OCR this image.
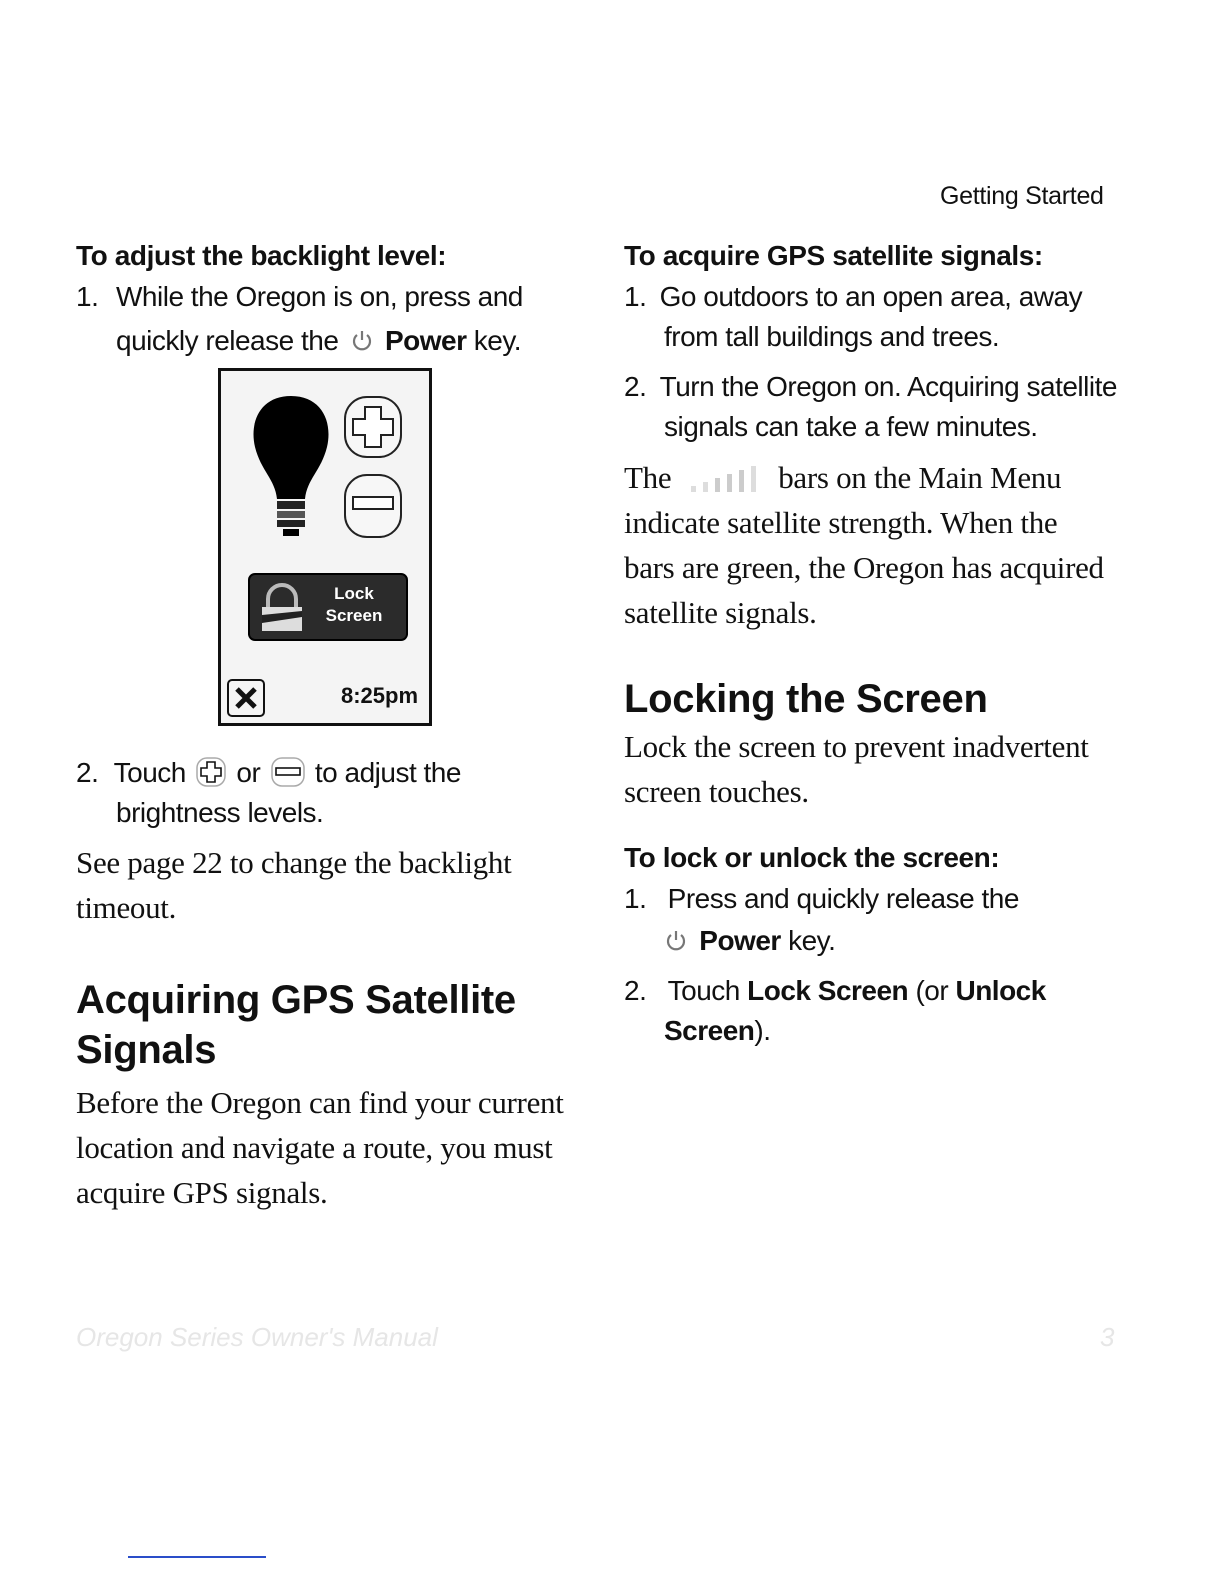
Getting Started
To adjust the backlight level:
1. While the Oregon is on, press and
quickly release the Power key.
Lock
Screen
8:25pm
2. Touch or to adjust the
brightness levels.
See page 22 to change the backlight
timeout.
Acquiring GPS Satellite
Signals
Before the Oregon can find your current
location and navigate a route, you must
acquire GPS signals.
To acquire GPS satellite signals:
1. Go outdoors to an open area, away
from tall buildings and trees.
2. Turn the Oregon on. Acquiring satellite
signals can take a few minutes.
The	bars on the Main Menu
indicate satellite strength. When the
bars are green, the Oregon has acquired
satellite signals.
Locking the Screen
Lock the screen to prevent inadvertent
screen touches.
To lock or unlock the screen:
1. Press and quickly release the
Power key.
2. Touch Lock Screen (or Unlock
Screen).
Oregon Series Owner's Manual	3
